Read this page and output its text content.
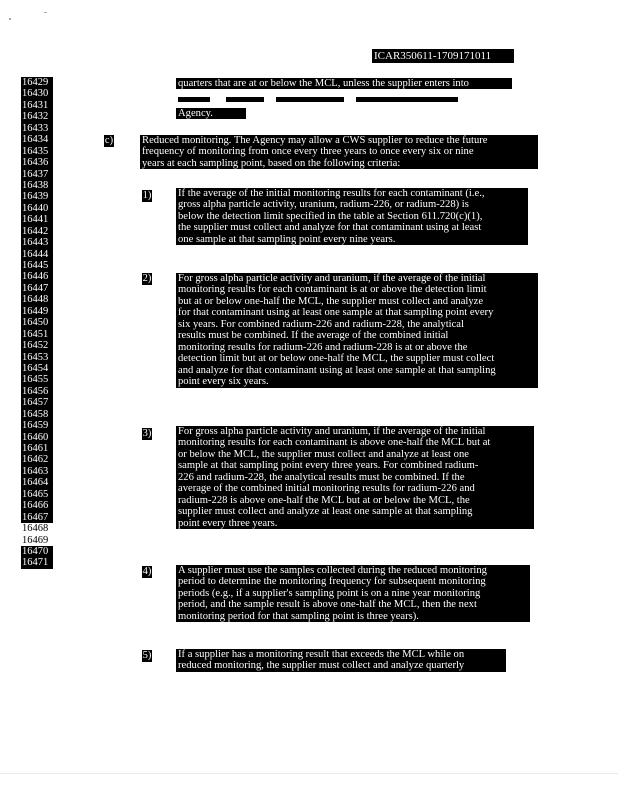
ICAR350611-1709171011
16429
16430
16431
16432
16433
16434
16435
16436
16437
16438
16439
16440
16441
16442
16443
16444
16445
16446
16447
16448
16449
16450
16451
16452
16453
16454
16455
16456
16457
16458
16459
16460
16461
16462
16463
16464
16465
16466
16467
16468
16469
16470
16471

quarters that are at or below the MCL, unless the supplier enters into

Agency.

c)	Reduced monitoring. The Agency may allow a CWS supplier to reduce the future

frequency of monitoring from once every three years to once every six or nine

years at each sampling point, based on the following criteria:

1)	If the average of the initial monitoring results for each contaminant (i.e.,

gross alpha particle activity, uranium, radium-226, or radium-228) is

below the detection limit specified in the table at Section 611.720(c)(1),

the supplier must collect and analyze for that contaminant using at least

one sample at that sampling point every nine years.

2)	For gross alpha particle activity and uranium, if the average of the initial

monitoring results for each contaminant is at or above the detection limit

but at or below one-half the MCL, the supplier must collect and analyze

for that contaminant using at least one sample at that sampling point every

six years. For combined radium-226 and radium-228, the analytical

results must be combined. If the average of the combined initial

monitoring results for radium-226 and radium-228 is at or above the

detection limit but at or below one-half the MCL, the supplier must collect

and analyze for that contaminant using at least one sample at that sampling

point every six years.

3)	For gross alpha particle activity and uranium, if the average of the initial

monitoring results for each contaminant is above one-half the MCL but at

or below the MCL, the supplier must collect and analyze at least one

sample at that sampling point every three years. For combined radium-

226 and radium-228, the analytical results must be combined. If the

average of the combined initial monitoring results for radium-226 and

radium-228 is above one-half the MCL but at or below the MCL, the

supplier must collect and analyze at least one sample at that sampling

point every three years.

4)	A supplier must use the samples collected during the reduced monitoring

period to determine the monitoring frequency for subsequent monitoring

periods (e.g., if a supplier's sampling point is on a nine year monitoring

period, and the sample result is above one-half the MCL, then the next

monitoring period for that sampling point is three years).

5)	If a supplier has a monitoring result that exceeds the MCL while on

reduced monitoring, the supplier must collect and analyze quarterly
